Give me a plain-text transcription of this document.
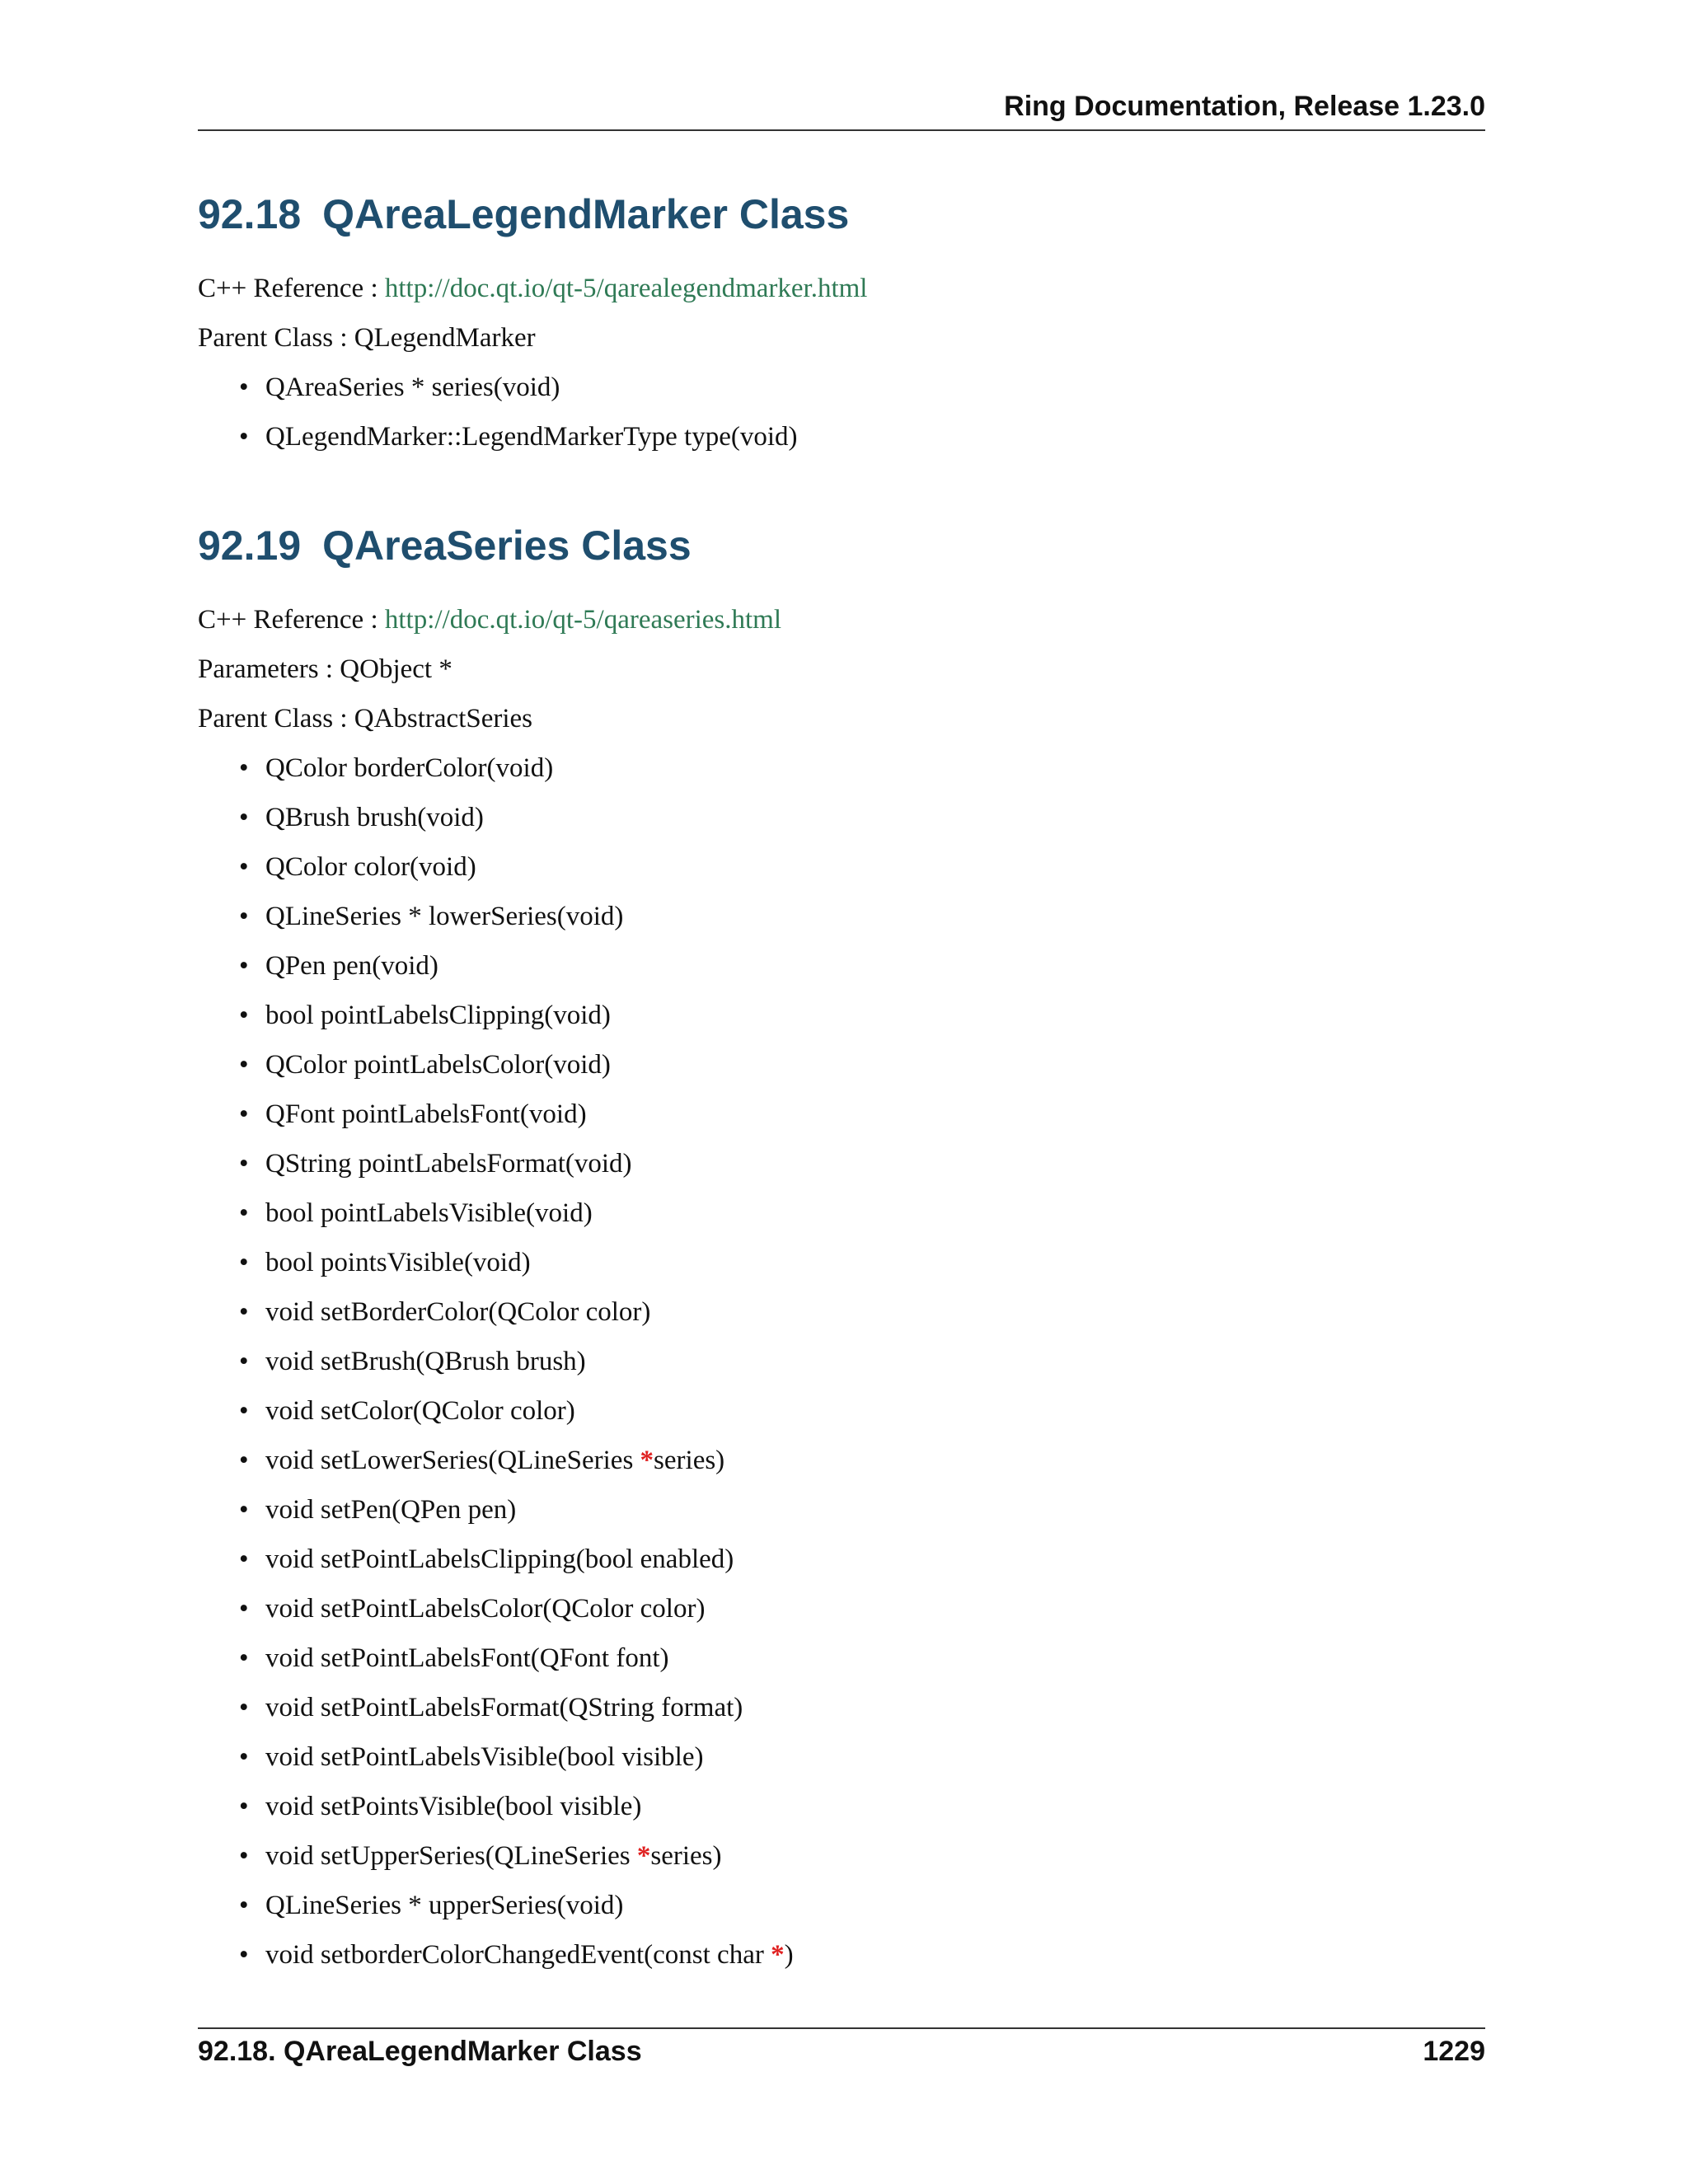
Ring Documentation, Release 1.23.0
92.18 QAreaLegendMarker Class

C++ Reference : http://doc.qt.io/qt-5/qarealegendmarker.html

Parent Class : QLegendMarker

• QAreaSeries * series(void)
• QLegendMarker::LegendMarkerType type(void)
92.19 QAreaSeries Class

C++ Reference : http://doc.qt.io/qt-5/qareaseries.html

Parameters : QObject *

Parent Class : QAbstractSeries

• QColor borderColor(void)
• QBrush brush(void)
• QColor color(void)
• QLineSeries * lowerSeries(void)
• QPen pen(void)
• bool pointLabelsClipping(void)
• QColor pointLabelsColor(void)
• QFont pointLabelsFont(void)
• QString pointLabelsFormat(void)
• bool pointLabelsVisible(void)
• bool pointsVisible(void)
• void setBorderColor(QColor color)
• void setBrush(QBrush brush)
• void setColor(QColor color)
• void setLowerSeries(QLineSeries *series)
• void setPen(QPen pen)
• void setPointLabelsClipping(bool enabled)
• void setPointLabelsColor(QColor color)
• void setPointLabelsFont(QFont font)
• void setPointLabelsFormat(QString format)
• void setPointLabelsVisible(bool visible)
• void setPointsVisible(bool visible)
• void setUpperSeries(QLineSeries *series)
• QLineSeries * upperSeries(void)
• void setborderColorChangedEvent(const char *)
92.18. QAreaLegendMarker Class	1229
